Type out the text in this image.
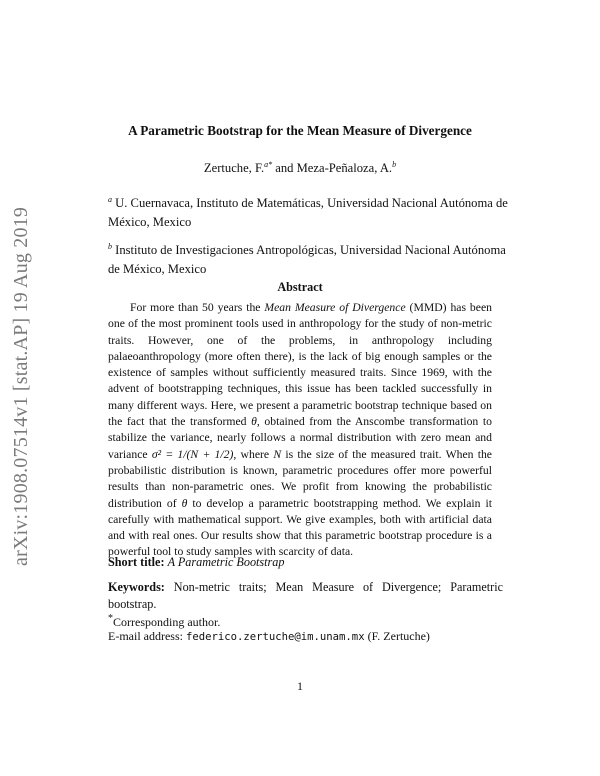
arXiv:1908.07514v1 [stat.AP] 19 Aug 2019
A Parametric Bootstrap for the Mean Measure of Divergence
Zertuche, F.$^{a*}$ and Meza-Peñaloza, A.$^b$
$^a$ U. Cuernavaca, Instituto de Matemáticas, Universidad Nacional Autónoma de México, Mexico
$^b$ Instituto de Investigaciones Antropológicas, Universidad Nacional Autónoma de México, Mexico
Abstract
For more than 50 years the Mean Measure of Divergence (MMD) has been one of the most prominent tools used in anthropology for the study of non-metric traits. However, one of the problems, in anthropology including palaeoanthropology (more often there), is the lack of big enough samples or the existence of samples without sufficiently measured traits. Since 1969, with the advent of bootstrapping techniques, this issue has been tackled successfully in many different ways. Here, we present a parametric bootstrap technique based on the fact that the transformed θ, obtained from the Anscombe transformation to stabilize the variance, nearly follows a normal distribution with zero mean and variance σ² = 1/(N + 1/2), where N is the size of the measured trait. When the probabilistic distribution is known, parametric procedures offer more powerful results than non-parametric ones. We profit from knowing the probabilistic distribution of θ to develop a parametric bootstrapping method. We explain it carefully with mathematical support. We give examples, both with artificial data and with real ones. Our results show that this parametric bootstrap procedure is a powerful tool to study samples with scarcity of data.
Short title: A Parametric Bootstrap
Keywords: Non-metric traits; Mean Measure of Divergence; Parametric bootstrap.
*Corresponding author.
E-mail address: federico.zertuche@im.unam.mx (F. Zertuche)
1
